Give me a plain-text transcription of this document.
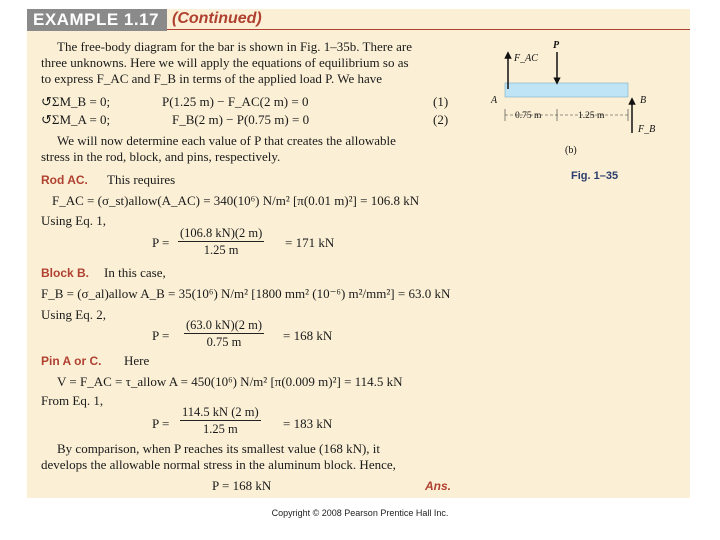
EXAMPLE 1.17 (Continued)
The free-body diagram for the bar is shown in Fig. 1–35b. There are
three unknowns. Here we will apply the equations of equilibrium so as
to express F_AC and F_B in terms of the applied load P. We have
↺ΣM_B = 0;	P(1.25 m) − F_AC(2 m) = 0	(1)
↺ΣM_A = 0;	F_B(2 m) − P(0.75 m) = 0	(2)
We will now determine each value of P that creates the allowable
stress in the rod, block, and pins, respectively.
Rod AC. This requires
F_AC = (σ_st)allow(A_AC) = 340(10⁶) N/m² [π(0.01 m)²] = 106.8 kN
Using Eq. 1,
$P = \frac{(106.8 kN)(2 m)}{1.25 m} = 171$ kN
Block B. In this case,
F_B = (σ_al)allow A_B = 35(10⁶) N/m² [1800 mm² (10⁻⁶) m²/mm²] = 63.0 kN
Using Eq. 2,
$P = \frac{(63.0 kN)(2 m)}{0.75 m} = 168$ kN
Pin A or C. Here
V = F_AC = τ_allow A = 450(10⁶) N/m² [π(0.009 m)²] = 114.5 kN
From Eq. 1,
$P = \frac{114.5 kN (2 m)}{1.25 m} = 183$ kN
By comparison, when P reaches its smallest value (168 kN), it
develops the allowable normal stress in the aluminum block. Hence,
P = 168 kN	Ans.
F_AC
P
A	B
F_B
0.75 m	1.25 m
(b)
Fig. 1–35
Copyright © 2008 Pearson Prentice Hall Inc.
